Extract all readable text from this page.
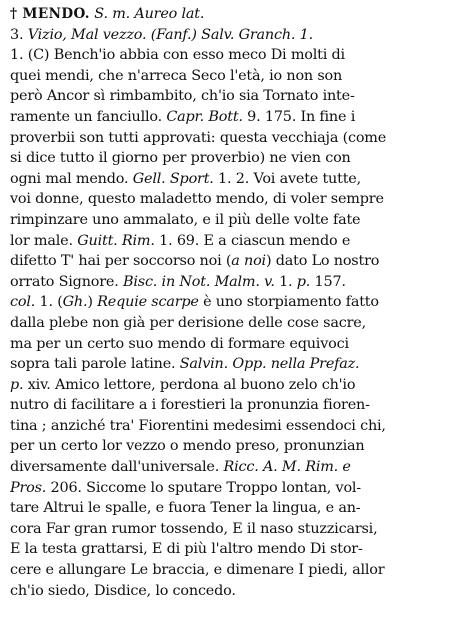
† MENDO. S. m. Aureo lat.
3. Vizio, Mal vezzo. (Fanf.) Salv. Granch. 1.
1. (C) Bench'io abbia con esso meco Di molti di
quei mendi, che n'arreca Seco l'età, io non son
però Ancor sì rimbambito, ch'io sia Tornato inte-
ramente un fanciullo. Capr. Bott. 9. 175. In fine i
proverbii son tutti approvati: questa vecchiaja (come
si dice tutto il giorno per proverbio) ne vien con
ogni mal mendo. Gell. Sport. 1. 2. Voi avete tutte,
voi donne, questo maladetto mendo, di voler sempre
rimpinzare uno ammalato, e il più delle volte fate
lor male. Guitt. Rim. 1. 69. E a ciascun mendo e
difetto T' hai per soccorso noi (a noi) dato Lo nostro
orrato Signore. Bisc. in Not. Malm. v. 1. p. 157.
col. 1. (Gh.) Requie scarpe è uno storpiamento fatto
dalla plebe non già per derisione delle cose sacre,
ma per un certo suo mendo di formare equivoci
sopra tali parole latine. Salvin. Opp. nella Prefaz.
p. xiv. Amico lettore, perdona al buono zelo ch'io
nutro di facilitare a i forestieri la pronunzia fioren-
tina ; anziché tra' Fiorentini medesimi essendoci chi,
per un certo lor vezzo o mendo preso, pronunzian
diversamente dall'universale. Ricc. A. M. Rim. e
Pros. 206. Siccome lo sputare Troppo lontan, vol-
tare Altrui le spalle, e fuora Tener la lingua, e an-
cora Far gran rumor tossendo, E il naso stuzzicarsi,
E la testa grattarsi, E di più l'altro mendo Di stor-
cere e allungare Le braccia, e dimenare I piedi, allor
ch'io siedo, Disdice, lo concedo.
